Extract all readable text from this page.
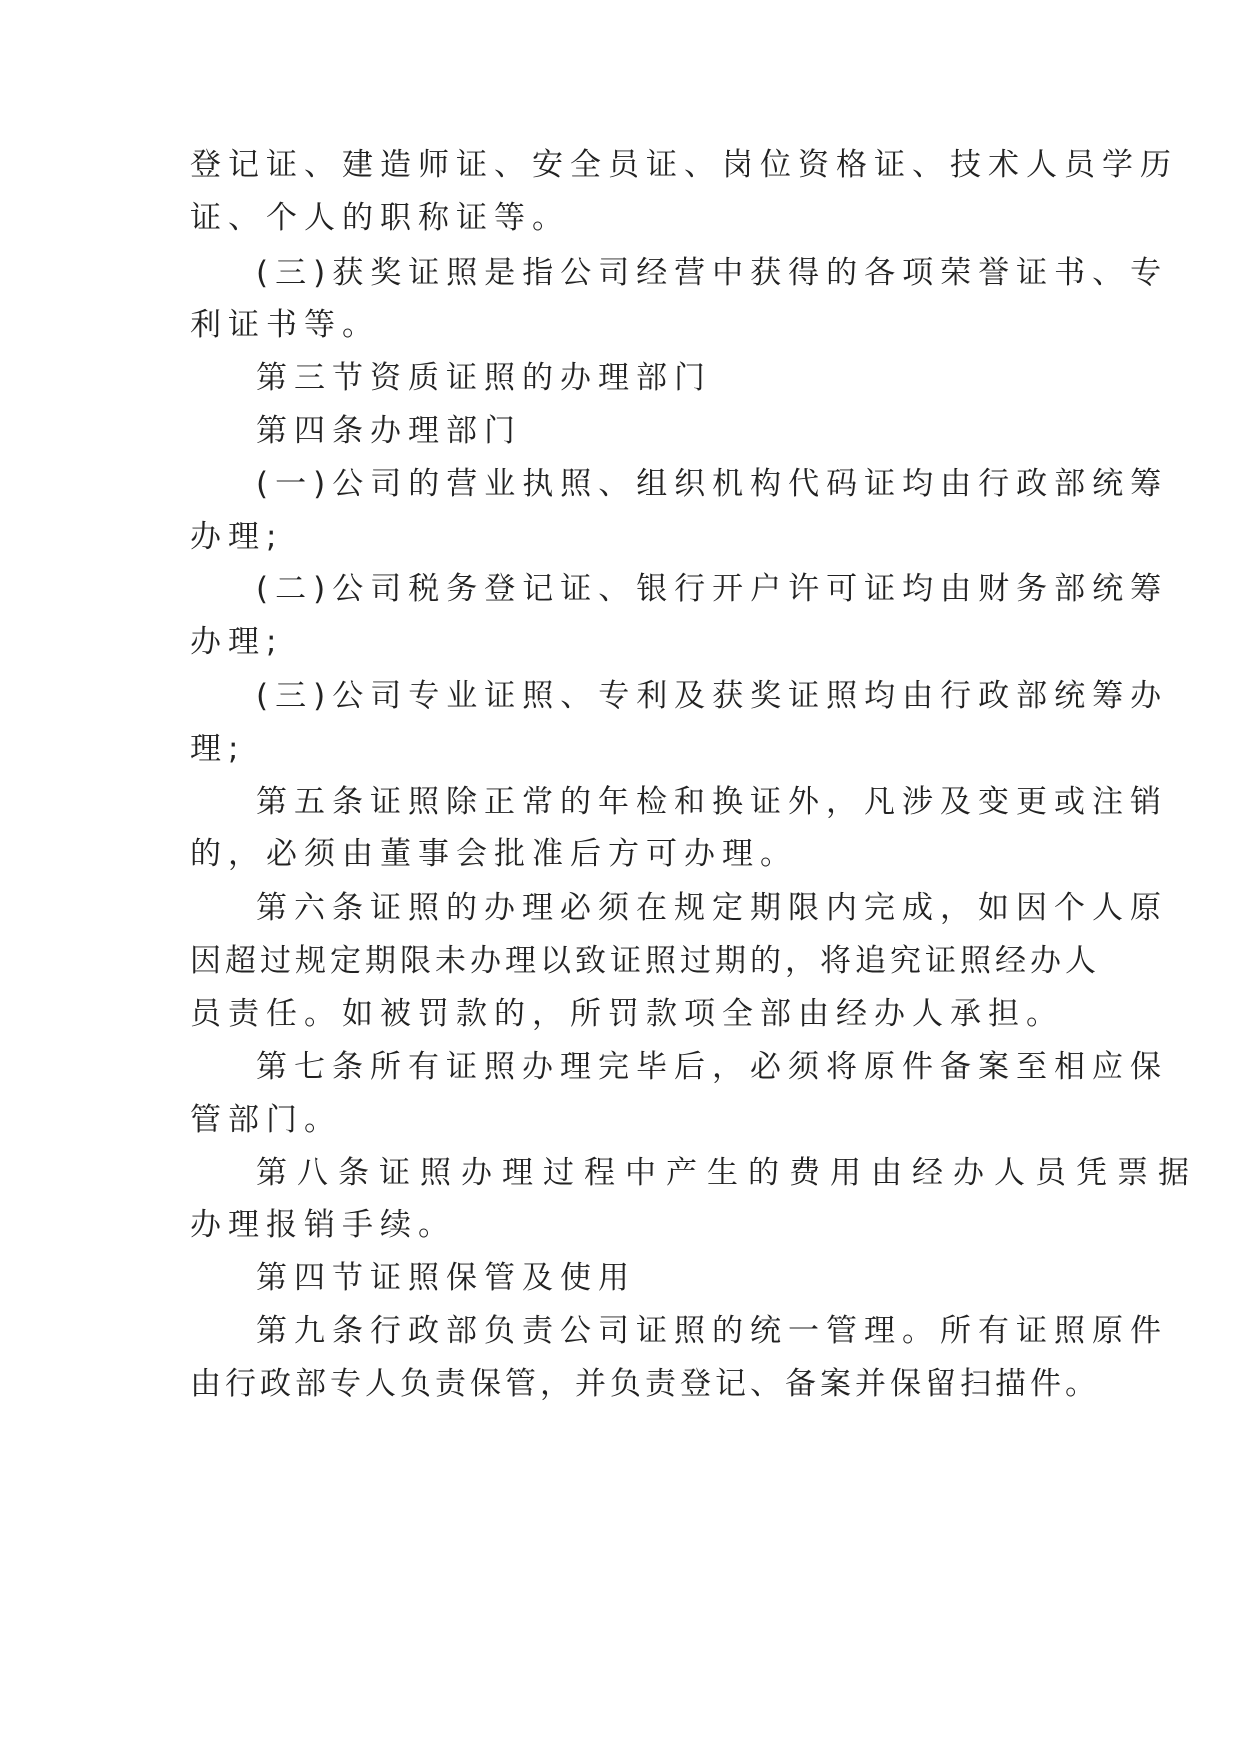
登记证、建造师证、安全员证、岗位资格证、技术人员学历
证、个人的职称证等。
(三)获奖证照是指公司经营中获得的各项荣誉证书、专
利证书等。
第三节资质证照的办理部门
第四条办理部门
(一)公司的营业执照、组织机构代码证均由行政部统筹
办理;
(二)公司税务登记证、银行开户许可证均由财务部统筹
办理;
(三)公司专业证照、专利及获奖证照均由行政部统筹办
理;
第五条证照除正常的年检和换证外，凡涉及变更或注销
的，必须由董事会批准后方可办理。
第六条证照的办理必须在规定期限内完成，如因个人原
因超过规定期限未办理以致证照过期的，将追究证照经办人
员责任。如被罚款的，所罚款项全部由经办人承担。
第七条所有证照办理完毕后，必须将原件备案至相应保
管部门。
第八条证照办理过程中产生的费用由经办人员凭票据
办理报销手续。
第四节证照保管及使用
第九条行政部负责公司证照的统一管理。所有证照原件
由行政部专人负责保管，并负责登记、备案并保留扫描件。
